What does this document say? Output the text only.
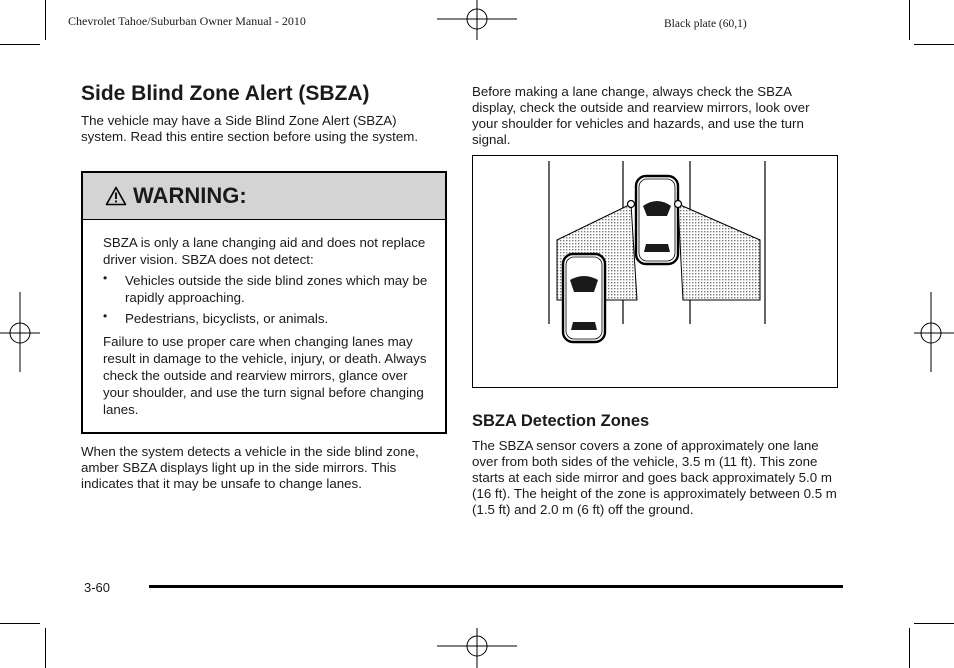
Chevrolet Tahoe/Suburban Owner Manual - 2010	Black plate (60,1)
Side Blind Zone Alert (SBZA)

The vehicle may have a Side Blind Zone Alert (SBZA) system. Read this entire section before using the system.

WARNING:

SBZA is only a lane changing aid and does not replace driver vision. SBZA does not detect:

• Vehicles outside the side blind zones which may be rapidly approaching.

• Pedestrians, bicyclists, or animals.

Failure to use proper care when changing lanes may result in damage to the vehicle, injury, or death. Always check the outside and rearview mirrors, glance over your shoulder, and use the turn signal before changing lanes.

When the system detects a vehicle in the side blind zone, amber SBZA displays light up in the side mirrors. This indicates that it may be unsafe to change lanes.

Before making a lane change, always check the SBZA display, check the outside and rearview mirrors, look over your shoulder for vehicles and hazards, and use the turn signal.

SBZA Detection Zones

The SBZA sensor covers a zone of approximately one lane over from both sides of the vehicle, 3.5 m (11 ft). This zone starts at each side mirror and goes back approximately 5.0 m (16 ft). The height of the zone is approximately between 0.5 m (1.5 ft) and 2.0 m (6 ft) off the ground.

3-60
